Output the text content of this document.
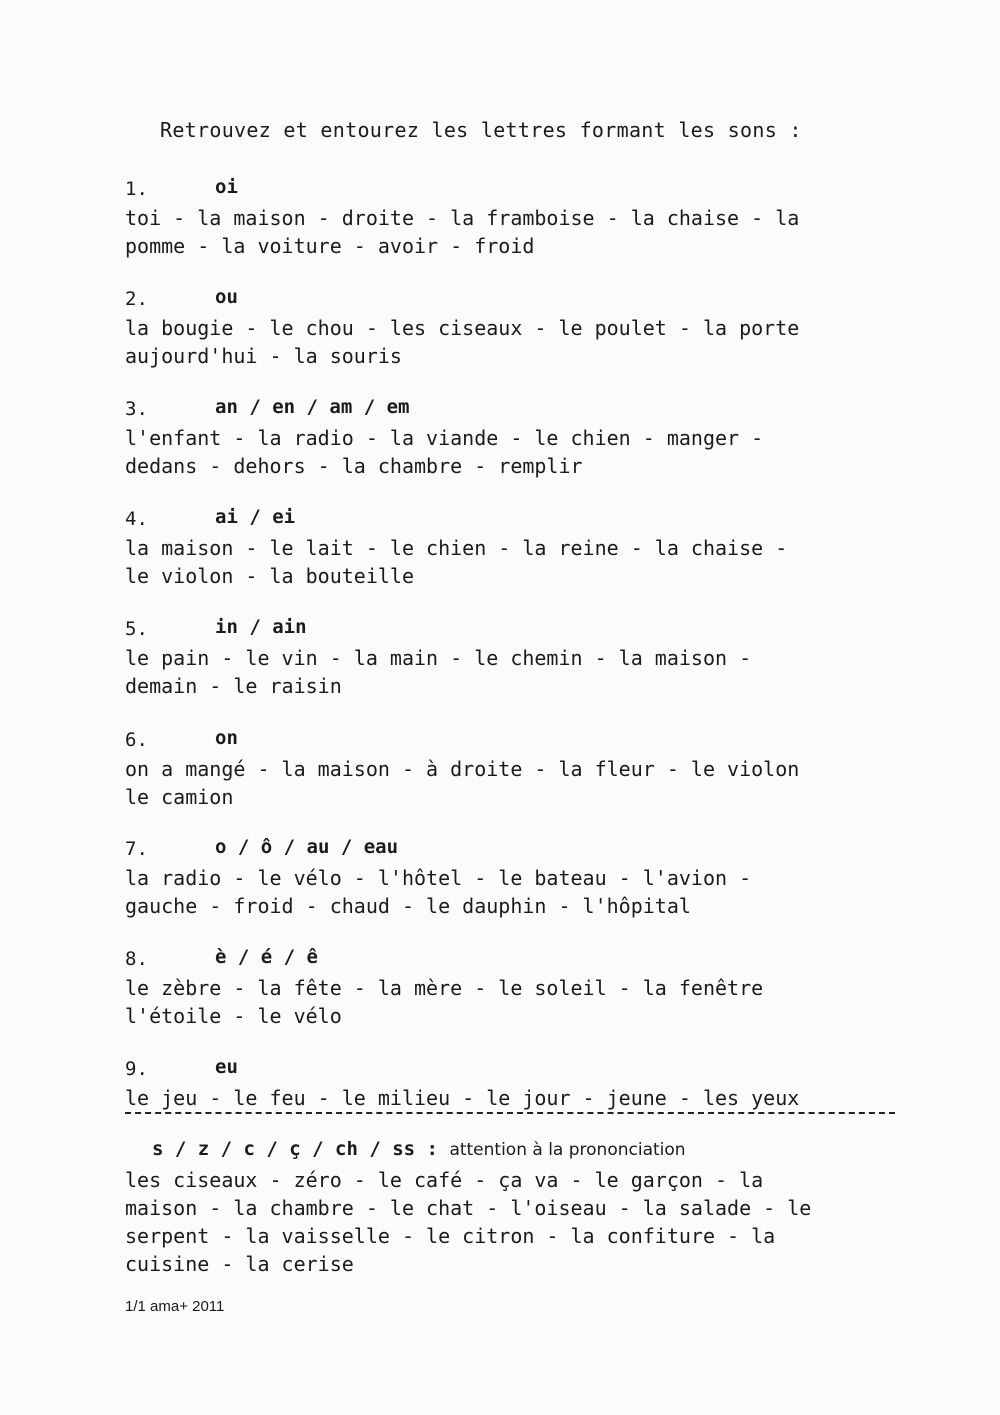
Retrouvez et entourez les lettres formant les sons :
1.	oi
toi - la maison - droite - la framboise - la chaise - la
pomme - la voiture - avoir - froid
2.	ou
la bougie - le chou - les ciseaux - le poulet - la porte
aujourd'hui - la souris
3.	an / en / am / em
l'enfant - la radio - la viande - le chien - manger -
dedans - dehors - la chambre - remplir
4.	ai / ei
la maison - le lait - le chien - la reine - la chaise -
le violon - la bouteille
5.	in / ain
le pain - le vin - la main - le chemin - la maison -
demain - le raisin
6.	on
on a mangé - la maison - à droite - la fleur - le violon
le camion
7.	o / ô / au / eau
la radio - le vélo - l'hôtel - le bateau - l'avion -
gauche - froid - chaud - le dauphin - l'hôpital
8.	è / é / ê
le zèbre - la fête - la mère - le soleil - la fenêtre
l'étoile - le vélo
9.	eu
le jeu - le feu - le milieu - le jour - jeune - les yeux
s / z / c / ç / ch / ss : attention à la prononciation
les ciseaux - zéro - le café - ça va - le garçon - la
maison - la chambre - le chat - l'oiseau - la salade - le
serpent - la vaisselle - le citron - la confiture - la
cuisine - la cerise
1/1 ama+ 2011
